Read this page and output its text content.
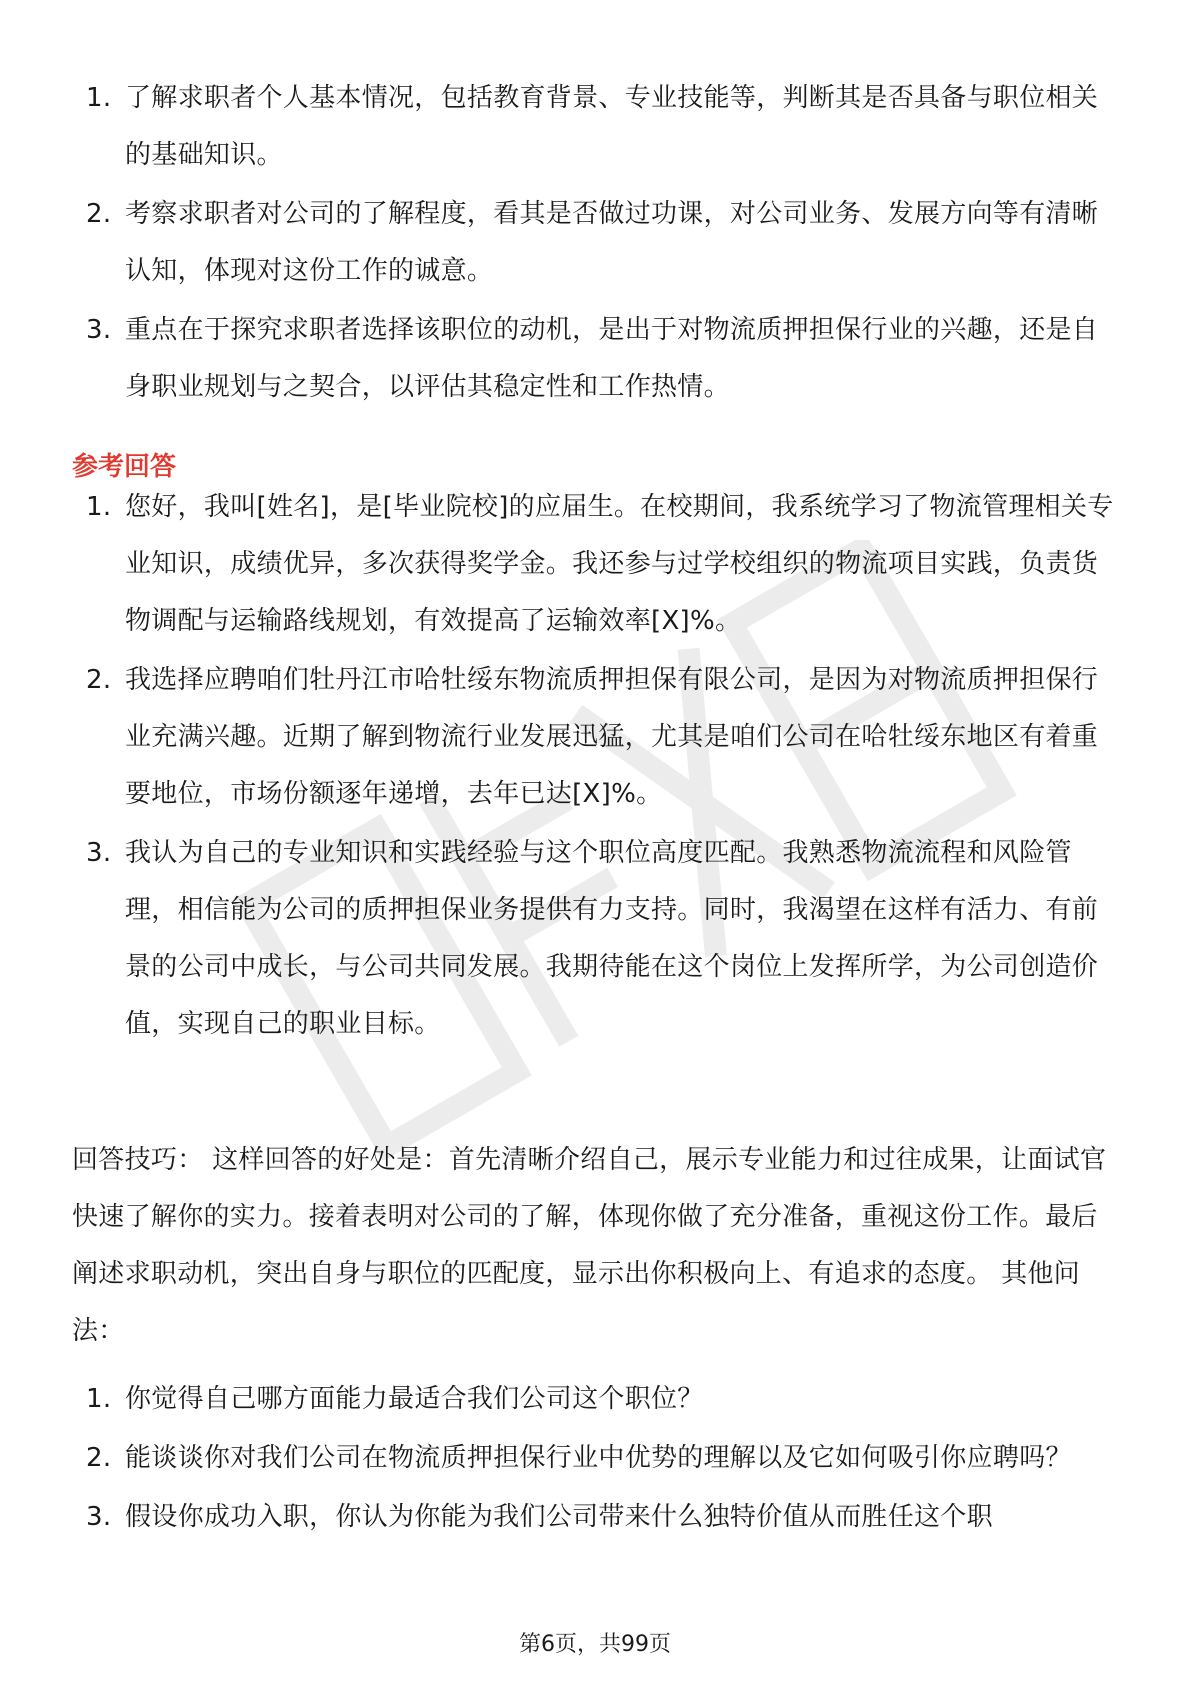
1. 了解求职者个人基本情况，包括教育背景、专业技能等，判断其是否具备与职位相关的基础知识。
2. 考察求职者对公司的了解程度，看其是否做过功课，对公司业务、发展方向等有清晰认知，体现对这份工作的诚意。
3. 重点在于探究求职者选择该职位的动机，是出于对物流质押担保行业的兴趣，还是自身职业规划与之契合，以评估其稳定性和工作热情。
参考回答
1. 您好，我叫[姓名]，是[毕业院校]的应届生。在校期间，我系统学习了物流管理相关专业知识，成绩优异，多次获得奖学金。我还参与过学校组织的物流项目实践，负责货物调配与运输路线规划，有效提高了运输效率[X]%。
2. 我选择应聘咱们牡丹江市哈牡绥东物流质押担保有限公司，是因为对物流质押担保行业充满兴趣。近期了解到物流行业发展迅猛，尤其是咱们公司在哈牡绥东地区有着重要地位，市场份额逐年递增，去年已达[X]%。
3. 我认为自己的专业知识和实践经验与这个职位高度匹配。我熟悉物流流程和风险管理，相信能为公司的质押担保业务提供有力支持。同时，我渴望在这样有活力、有前景的公司中成长，与公司共同发展。我期待能在这个岗位上发挥所学，为公司创造价值，实现自己的职业目标。
回答技巧： 这样回答的好处是：首先清晰介绍自己，展示专业能力和过往成果，让面试官快速了解你的实力。接着表明对公司的了解，体现你做了充分准备，重视这份工作。最后阐述求职动机，突出自身与职位的匹配度，显示出你积极向上、有追求的态度。 其他问法：
1. 你觉得自己哪方面能力最适合我们公司这个职位？
2. 能谈谈你对我们公司在物流质押担保行业中优势的理解以及它如何吸引你应聘吗？
3. 假设你成功入职，你认为你能为我们公司带来什么独特价值从而胜任这个职
第6页，共99页
